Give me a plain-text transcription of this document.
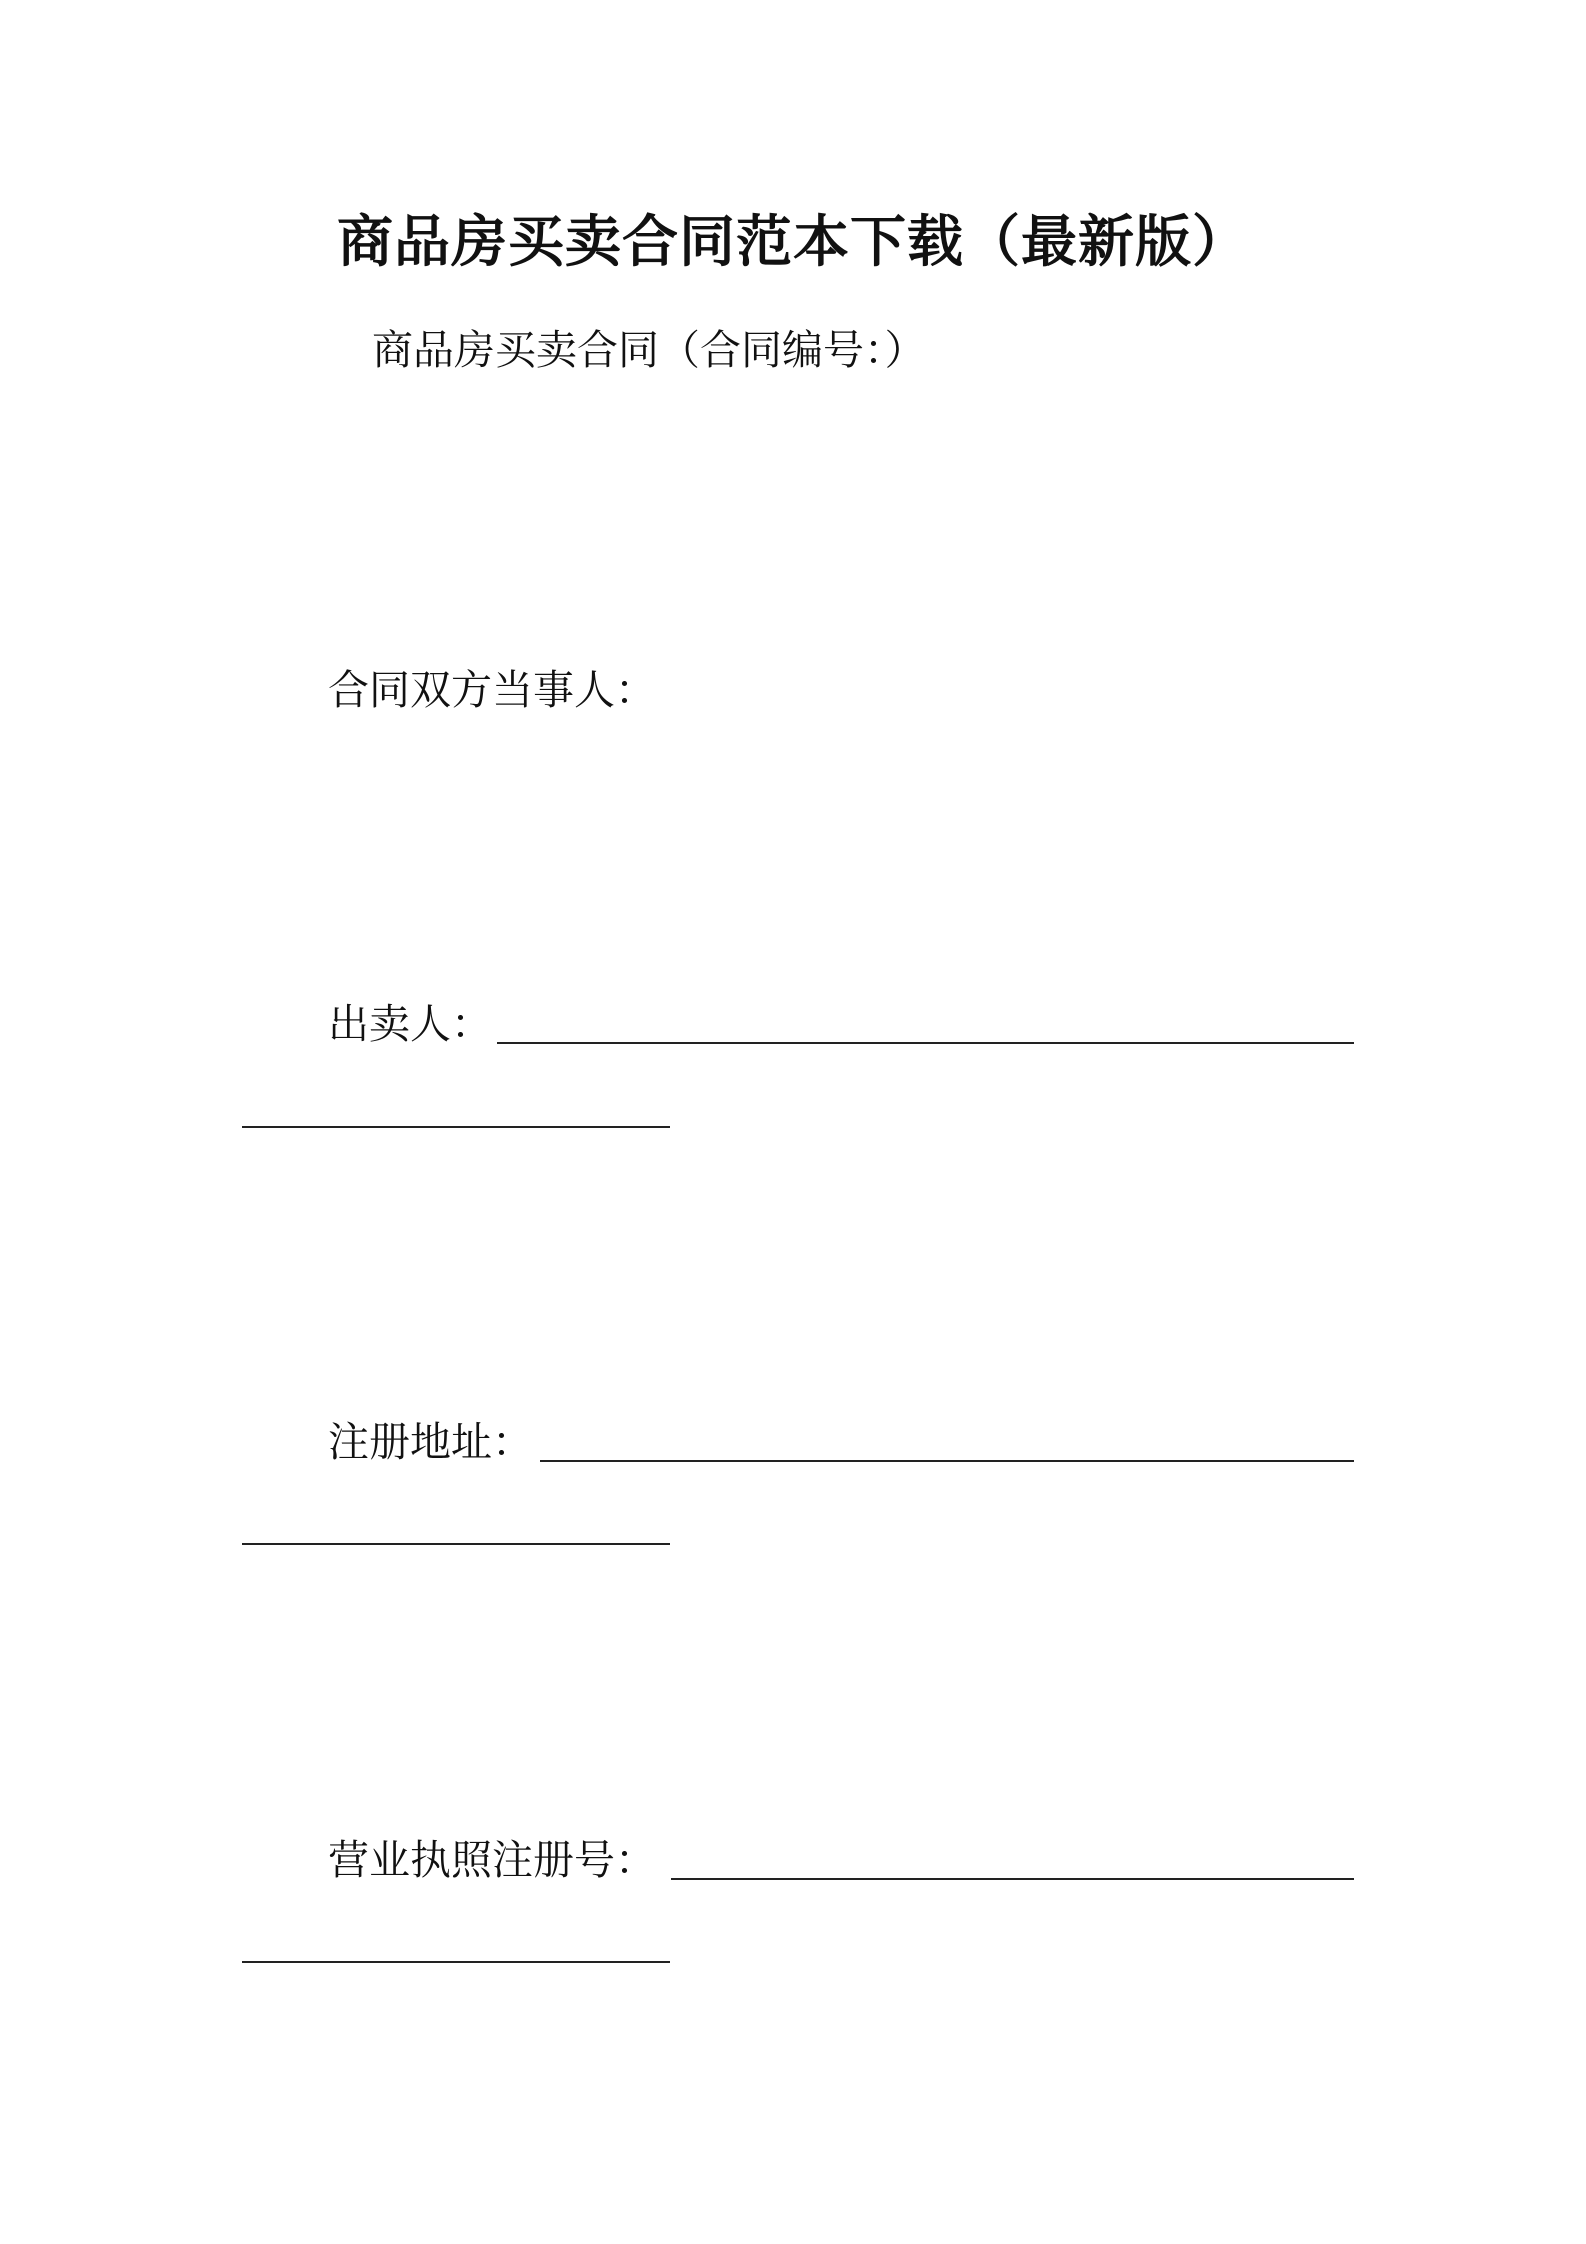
商品房买卖合同范本下载（最新版）
商品房买卖合同（合同编号：）
合同双方当事人：
出卖人：
注册地址：
营业执照注册号：
